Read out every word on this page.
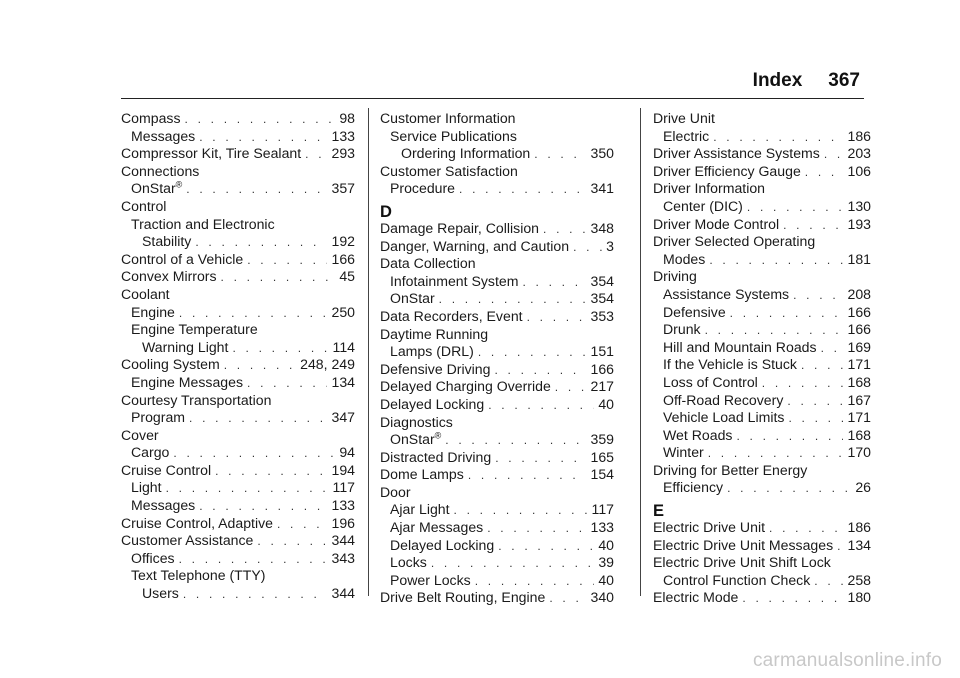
Index 367
Compass . . .	98
Messages . . .	133
Compressor Kit, Tire Sealant . . . 293
Connections
OnStar® . . .	357
Control
Traction and Electronic
Stability . . .	192
Control of a Vehicle . . .	166
Convex Mirrors . . .	45
Coolant
Engine . . .	250
Engine Temperature
Warning Light . . .	114
Cooling System . . .	248, 249
Engine Messages . . .	134
Courtesy Transportation
Program . . .	347
Cover
Cargo . . .	94
Cruise Control . . .	194
Light . . .	117
Messages . . .	133
Cruise Control, Adaptive . . .	196
Customer Assistance . . .	344
Offices . . .	343
Text Telephone (TTY)
Users . . .	344
Customer Information
Service Publications
Ordering Information . . .	350
Customer Satisfaction
Procedure . . .	341
D
Damage Repair, Collision . . .	348
Danger, Warning, and Caution . . .	3
Data Collection
Infotainment System . . .	354
OnStar . . .	354
Data Recorders, Event . . .	353
Daytime Running
Lamps (DRL) . . .	151
Defensive Driving . . .	166
Delayed Charging Override . . .	217
Delayed Locking . . .	40
Diagnostics
OnStar® . . .	359
Distracted Driving . . .	165
Dome Lamps . . .	154
Door
Ajar Light . . .	117
Ajar Messages . . .	133
Delayed Locking . . .	40
Locks . . .	39
Power Locks . . .	40
Drive Belt Routing, Engine . . .	340
Drive Unit
Electric . . .	186
Driver Assistance Systems . . . 203
Driver Efficiency Gauge . . .	106
Driver Information
Center (DIC) . . .	130
Driver Mode Control . . .	193
Driver Selected Operating
Modes . . .	181
Driving
Assistance Systems . . .	208
Defensive . . .	166
Drunk . . .	166
Hill and Mountain Roads . . . 169
If the Vehicle is Stuck . . .	171
Loss of Control . . .	168
Off-Road Recovery . . .	167
Vehicle Load Limits . . .	171
Wet Roads . . .	168
Winter . . .	170
Driving for Better Energy
Efficiency . . .	26
E
Electric Drive Unit . . .	186
Electric Drive Unit Messages . . . 134
Electric Drive Unit Shift Lock
Control Function Check . . .	258
Electric Mode . . .	180
carmanualsonline.info
